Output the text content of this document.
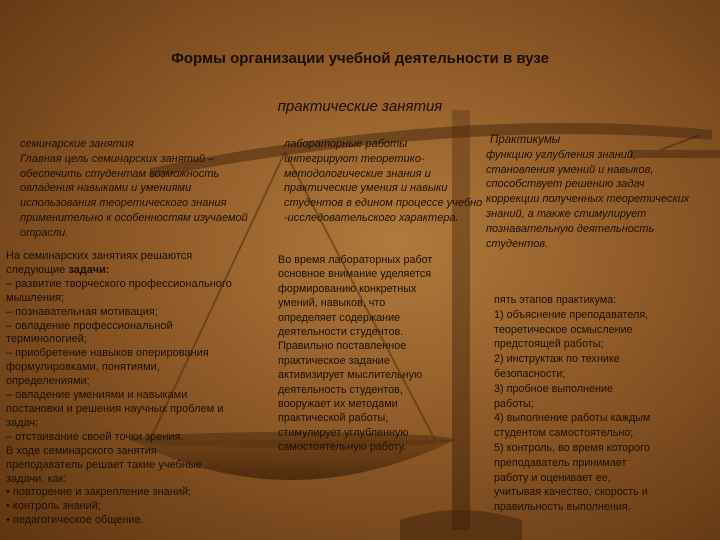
Формы организации учебной деятельности в вузе
практические занятия

семинарские занятия

Главная цель семинарских занятий –

обеспечить студентам возможность

овладения навыками и умениями

использования теоретического знания

применительно к особенностям изучаемой

отрасли.

лабораторные работы

интегрируют теоретико-

методологические знания и

практические умения и навыки

студентов в едином процессе учебно

-исследовательского характера.

Практикумы

функцию углубления знаний,

становления умений и навыков,

способствует решению задач

коррекции полученных теоретических

знаний, а также стимулирует

познавательную деятельность

студентов.

На семинарских занятиях решаются

следующие задачи:

– развитие творческого профессионального

мышления;

– познавательная мотивация;

– овладение профессиональной

терминологией;

– приобретение навыков оперирования

формулировками, понятиями,

определениями;

– овладение умениями и навыками

постановки и решения научных проблем и

задач;

– отстаивание своей точки зрения.

В ходе семинарского занятия

преподаватель решает такие учебные

задачи, как:

• повторение и закрепление знаний;

• контроль знаний;

• педагогическое общение.

Во время лабораторных работ

основное внимание уделяется

формированию конкретных

умений, навыков, что

определяет содержание

деятельности студентов.

Правильно поставленное

практическое задание

активизирует мыслительную

деятельность студентов,

вооружает их методами

практической работы,

стимулирует углубленную

самостоятельную работу.

пять этапов практикума:

1) объяснение преподавателя,

теоретическое осмысление

предстоящей работы;

2) инструктаж по технике

безопасности;

3) пробное выполнение

работы;

4) выполнение работы каждым

студентом самостоятельно;

5) контроль, во время которого

преподаватель принимает

работу и оценивает ее,

учитывая качество, скорость и

правильность выполнения.
